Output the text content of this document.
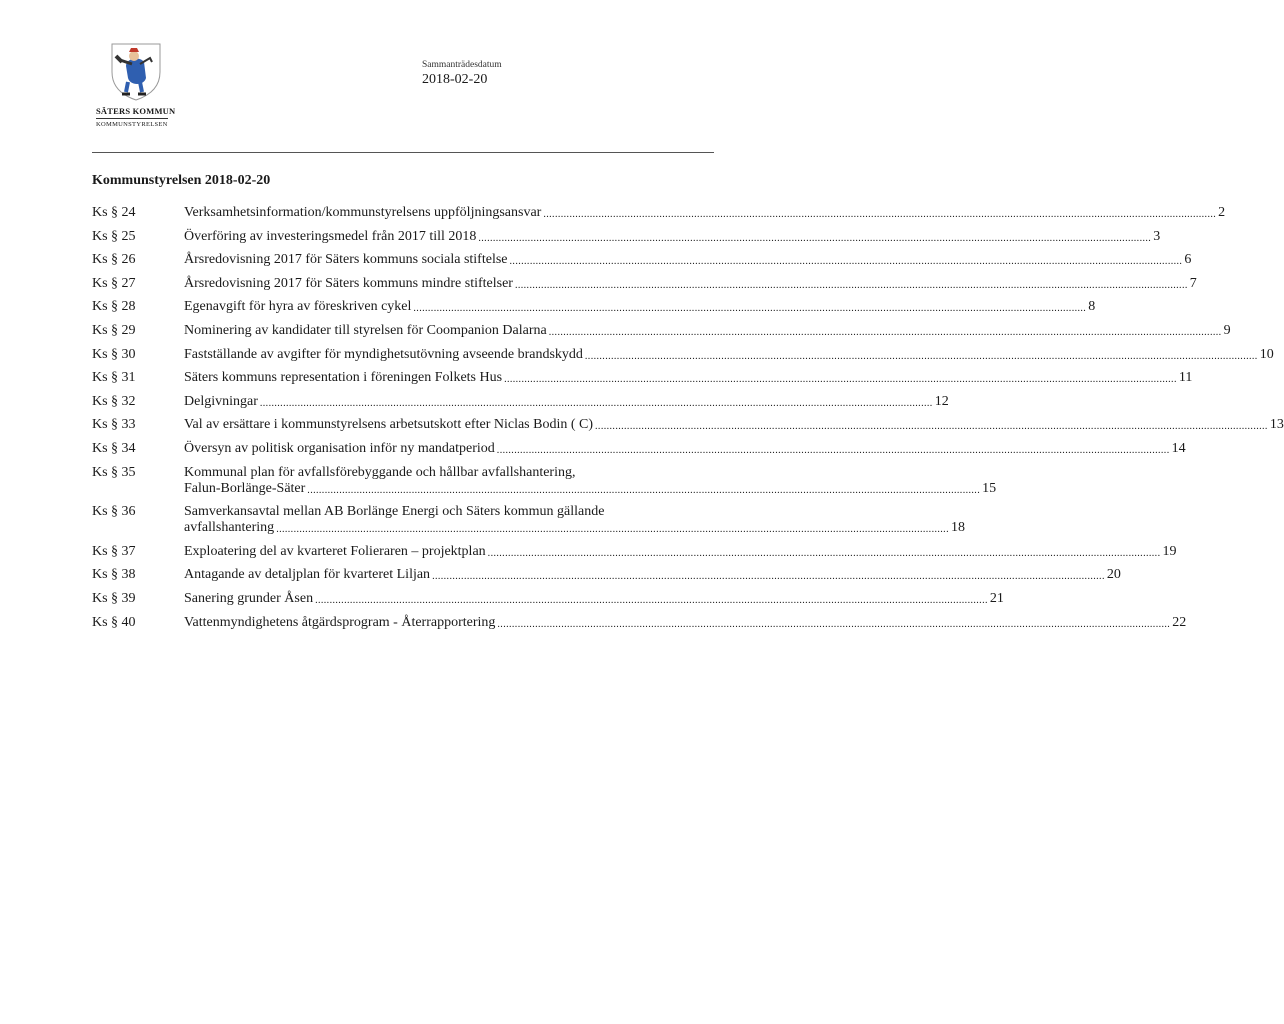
SÄTERS KOMMUN
KOMMUNSTYRELSEN
Sammanträdesdatum
2018-02-20
Kommunstyrelsen 2018-02-20
Ks § 24	Verksamhetsinformation/kommunstyrelsens uppföljningsansvar .....	2
Ks § 25	Överföring av investeringsmedel från 2017 till 2018 .....	3
Ks § 26	Årsredovisning 2017 för Säters kommuns sociala stiftelse .....	6
Ks § 27	Årsredovisning 2017 för Säters kommuns mindre stiftelser .....	7
Ks § 28	Egenavgift för hyra av föreskriven cykel .....	8
Ks § 29	Nominering av kandidater till styrelsen för Coompanion Dalarna .....	9
Ks § 30	Fastställande av avgifter för myndighetsutövning avseende brandskydd .....	10
Ks § 31	Säters kommuns representation i föreningen Folkets Hus .....	11
Ks § 32	Delgivningar .....	12
Ks § 33	Val av ersättare i kommunstyrelsens arbetsutskott efter Niclas Bodin ( C) .....	13
Ks § 34	Översyn av politisk organisation inför ny mandatperiod .....	14
Ks § 35	Kommunal plan för avfallsförebyggande och hållbar avfallshantering,
Falun-Borlänge-Säter .....	15
Ks § 36	Samverkansavtal mellan AB Borlänge Energi och Säters kommun gällande
avfallshantering .....	18
Ks § 37	Exploatering del av kvarteret Folieraren – projektplan .....	19
Ks § 38	Antagande av detaljplan för kvarteret Liljan .....	20
Ks § 39	Sanering grunder Åsen .....	21
Ks § 40	Vattenmyndighetens åtgärdsprogram - Återrapportering .....	22
